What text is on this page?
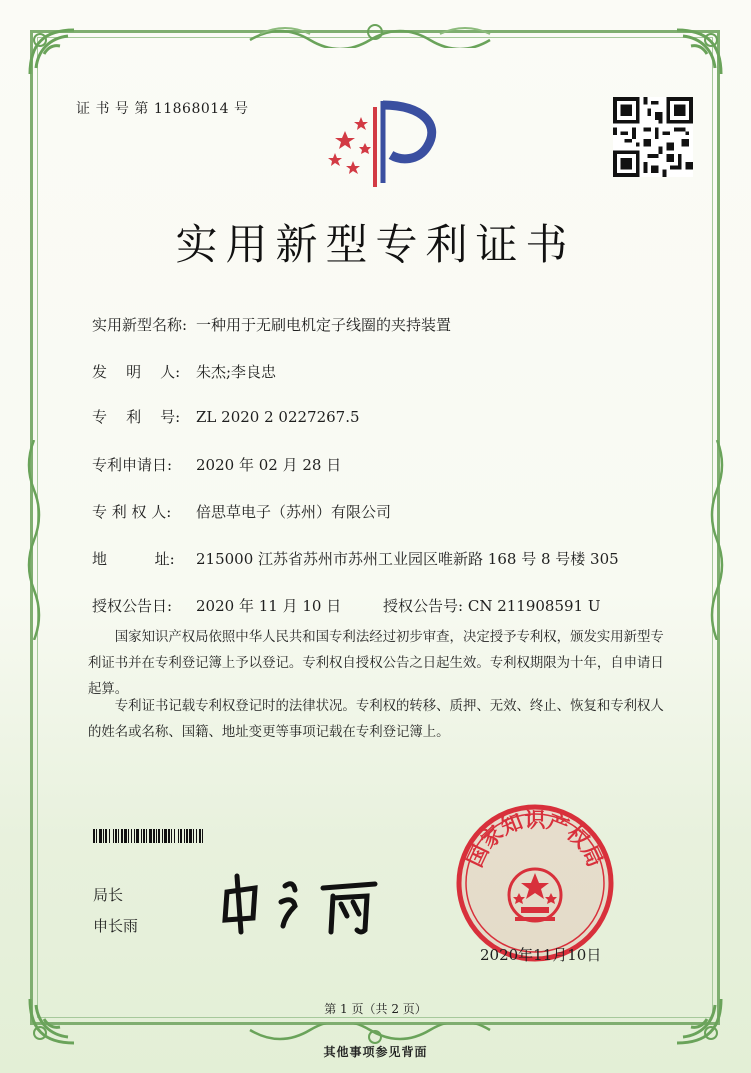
证 书 号 第 11868014 号
实用新型专利证书
实用新型名称: 一种用于无刷电机定子线圈的夹持装置
发    明    人: 朱杰;李良忠
专    利    号: ZL 2020 2 0227267.5
专利申请日: 2020 年 02 月 28 日
专 利 权 人: 倍思草电子（苏州）有限公司
地          址: 215000 江苏省苏州市苏州工业园区唯新路 168 号 8 号楼 305
授权公告日: 2020 年 11 月 10 日	授权公告号: CN 211908591 U
国家知识产权局依照中华人民共和国专利法经过初步审查，决定授予专利权，颁发实用新型专利证书并在专利登记簿上予以登记。专利权自授权公告之日起生效。专利权期限为十年，自申请日起算。
专利证书记载专利权登记时的法律状况。专利权的转移、质押、无效、终止、恢复和专利权人的姓名或名称、国籍、地址变更等事项记载在专利登记簿上。
局长
申长雨
国家知识产权局
2020年11月10日
第 1 页（共 2 页）
其他事项参见背面
